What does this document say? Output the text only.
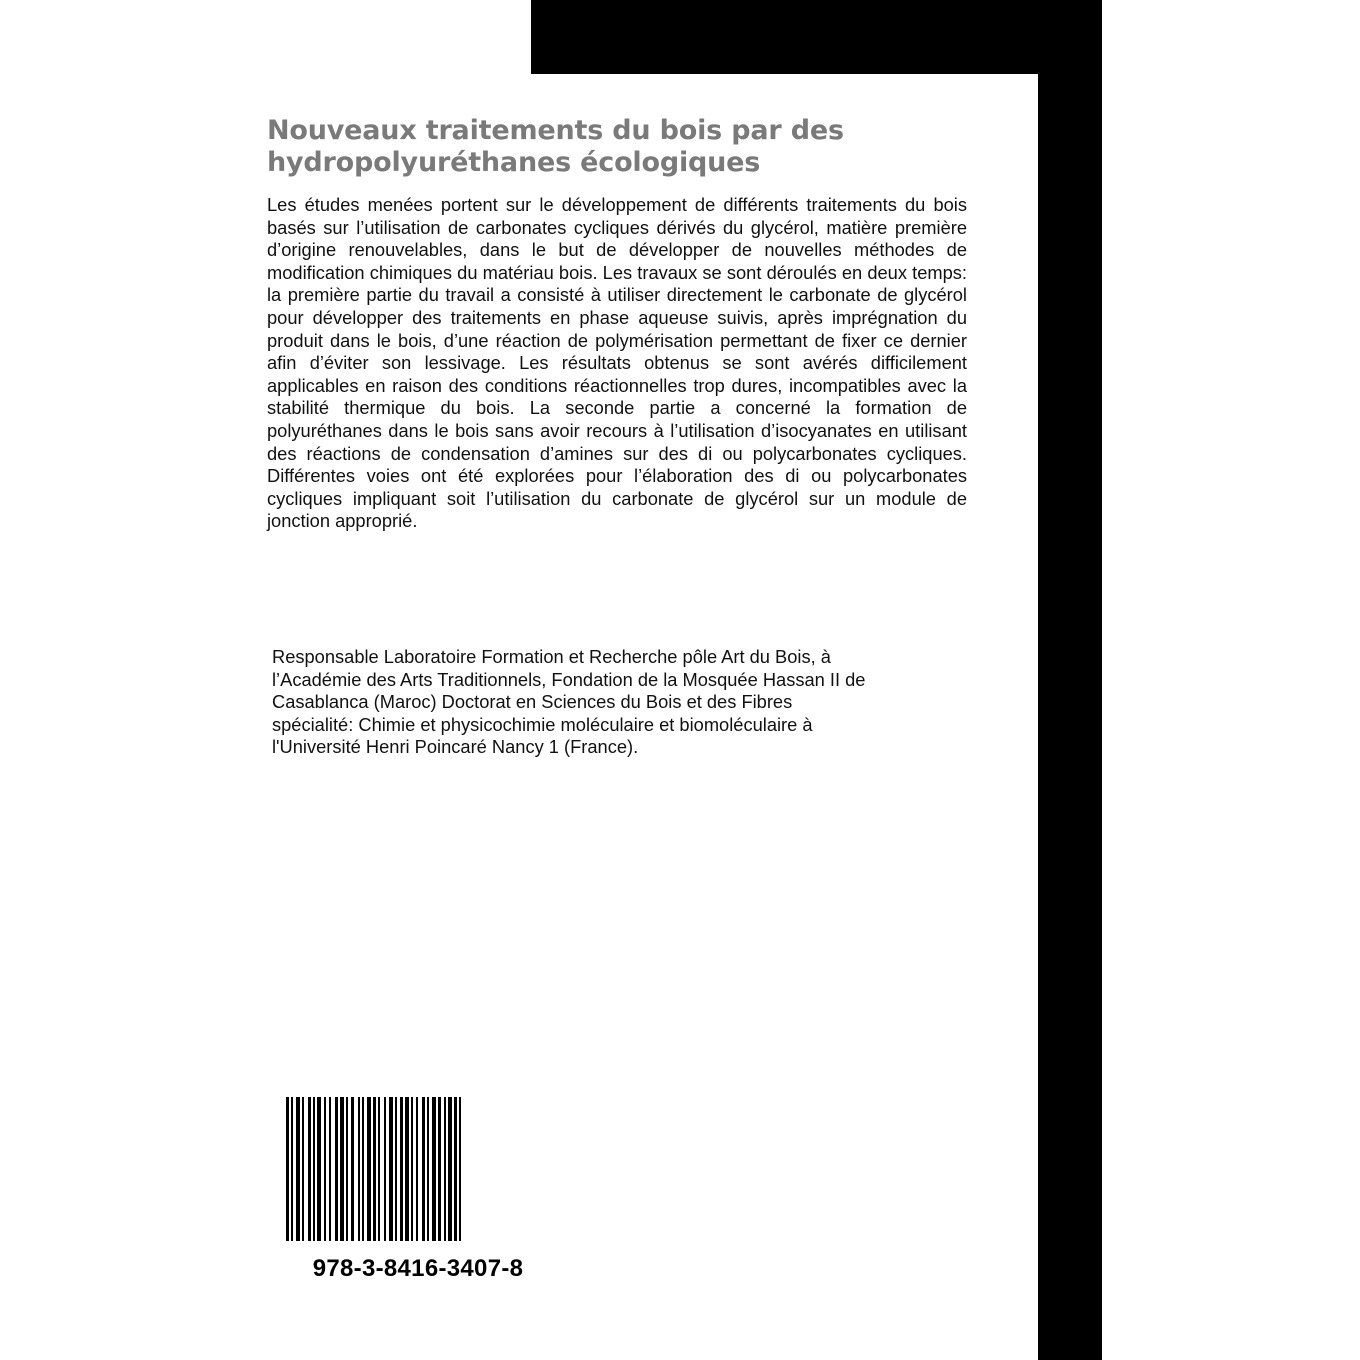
Nouveaux traitements du bois par des
hydropolyuréthanes écologiques

Les études menées portent sur le développement de différents traitements du bois basés sur l’utilisation de carbonates cycliques dérivés du glycérol, matière première d’origine renouvelables, dans le but de développer de nouvelles méthodes de modification chimiques du matériau bois. Les travaux se sont déroulés en deux temps: la première partie du travail a consisté à utiliser directement le carbonate de glycérol pour développer des traitements en phase aqueuse suivis, après imprégnation du produit dans le bois, d’une réaction de polymérisation permettant de fixer ce dernier afin d’éviter son lessivage. Les résultats obtenus se sont avérés difficilement applicables en raison des conditions réactionnelles trop dures, incompatibles avec la stabilité thermique du bois. La seconde partie a concerné la formation de polyuréthanes dans le bois sans avoir recours à l’utilisation d’isocyanates en utilisant des réactions de condensation d’amines sur des di ou polycarbonates cycliques. Différentes voies ont été explorées pour l’élaboration des di ou polycarbonates cycliques impliquant soit l’utilisation du carbonate de glycérol sur un module de jonction approprié.

Responsable Laboratoire Formation et Recherche pôle Art du Bois, à
l’Académie des Arts Traditionnels, Fondation de la Mosquée Hassan II de
Casablanca (Maroc) Doctorat en Sciences du Bois et des Fibres
spécialité: Chimie et physicochimie moléculaire et biomoléculaire à
l'Université Henri Poincaré Nancy 1 (France).
978-3-8416-3407-8
